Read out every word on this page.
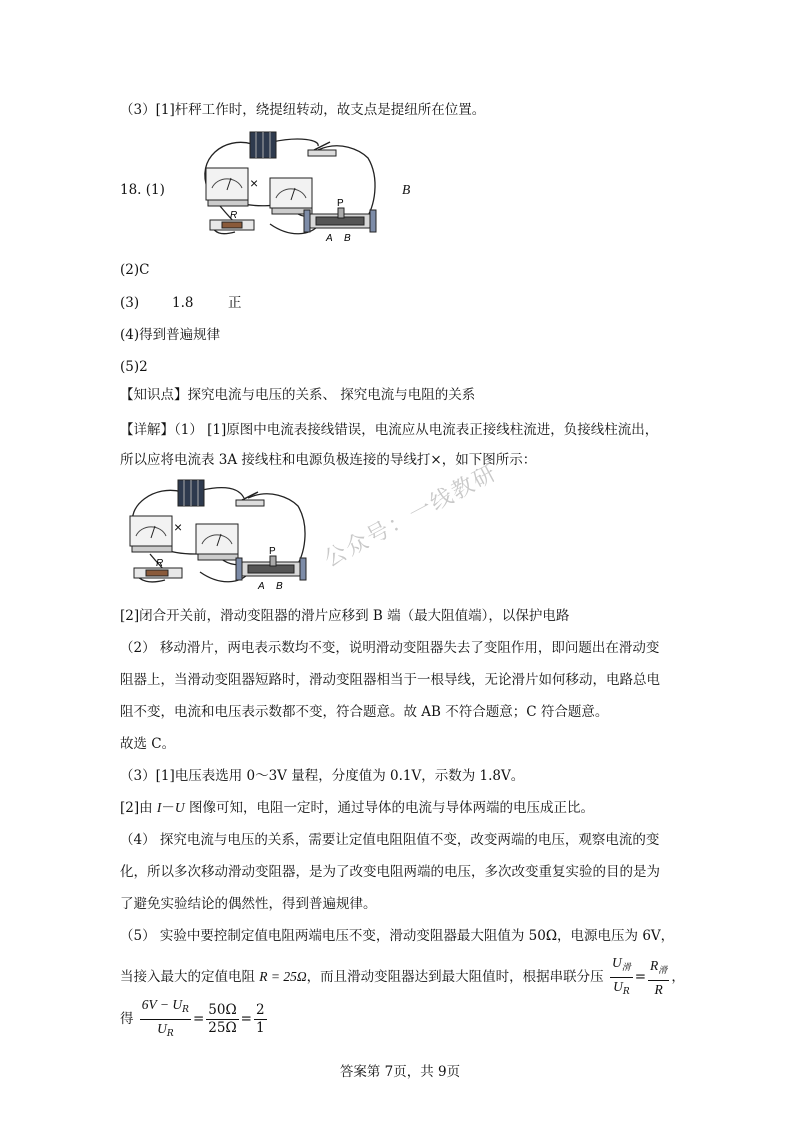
（3）[1]杆秤工作时，绕提纽转动，故支点是提纽所在位置。
×
R
P
A B
18. (1)	B
(2)C
(3) 1.8	正
(4)得到普遍规律
(5)2
【知识点】探究电流与电压的关系、 探究电流与电阻的关系
【详解】（1） [1]原图中电流表接线错误，电流应从电流表正接线柱流进，负接线柱流出，
所以应将电流表 3A 接线柱和电源负极连接的导线打×，如下图所示：
×
R
P
A B
公众号：一线教研
[2]闭合开关前，滑动变阻器的滑片应移到 B 端（最大阻值端），以保护电路
（2） 移动滑片，两电表示数均不变，说明滑动变阻器失去了变阻作用，即问题出在滑动变
阻器上，当滑动变阻器短路时，滑动变阻器相当于一根导线，无论滑片如何移动，电路总电
阻不变，电流和电压表示数都不变，符合题意。故 AB 不符合题意；C 符合题意。
故选 C。
（3）[1]电压表选用 0～3V 量程，分度值为 0.1V，示数为 1.8V。
[2]由 I－U 图像可知，电阻一定时，通过导体的电流与导体两端的电压成正比。
（4） 探究电流与电压的关系，需要让定值电阻阻值不变，改变两端的电压，观察电流的变
化，所以多次移动滑动变阻器，是为了改变电阻两端的电压，多次改变重复实验的目的是为
了避免实验结论的偶然性，得到普遍规律。
（5） 实验中要控制定值电阻两端电压不变，滑动变阻器最大阻值为 50Ω，电源电压为 6V，
当接入最大的定值电阻 R = 25Ω，而且滑动变阻器达到最大阻值时，根据串联分压 $\frac{U_滑}{U_R} = \frac{R_滑}{R}$ ，
得 $\frac{6V - U_R}{U_R} = \frac{50\Omega}{25\Omega} = \frac{2}{1}$
答案第 7页，共 9页
